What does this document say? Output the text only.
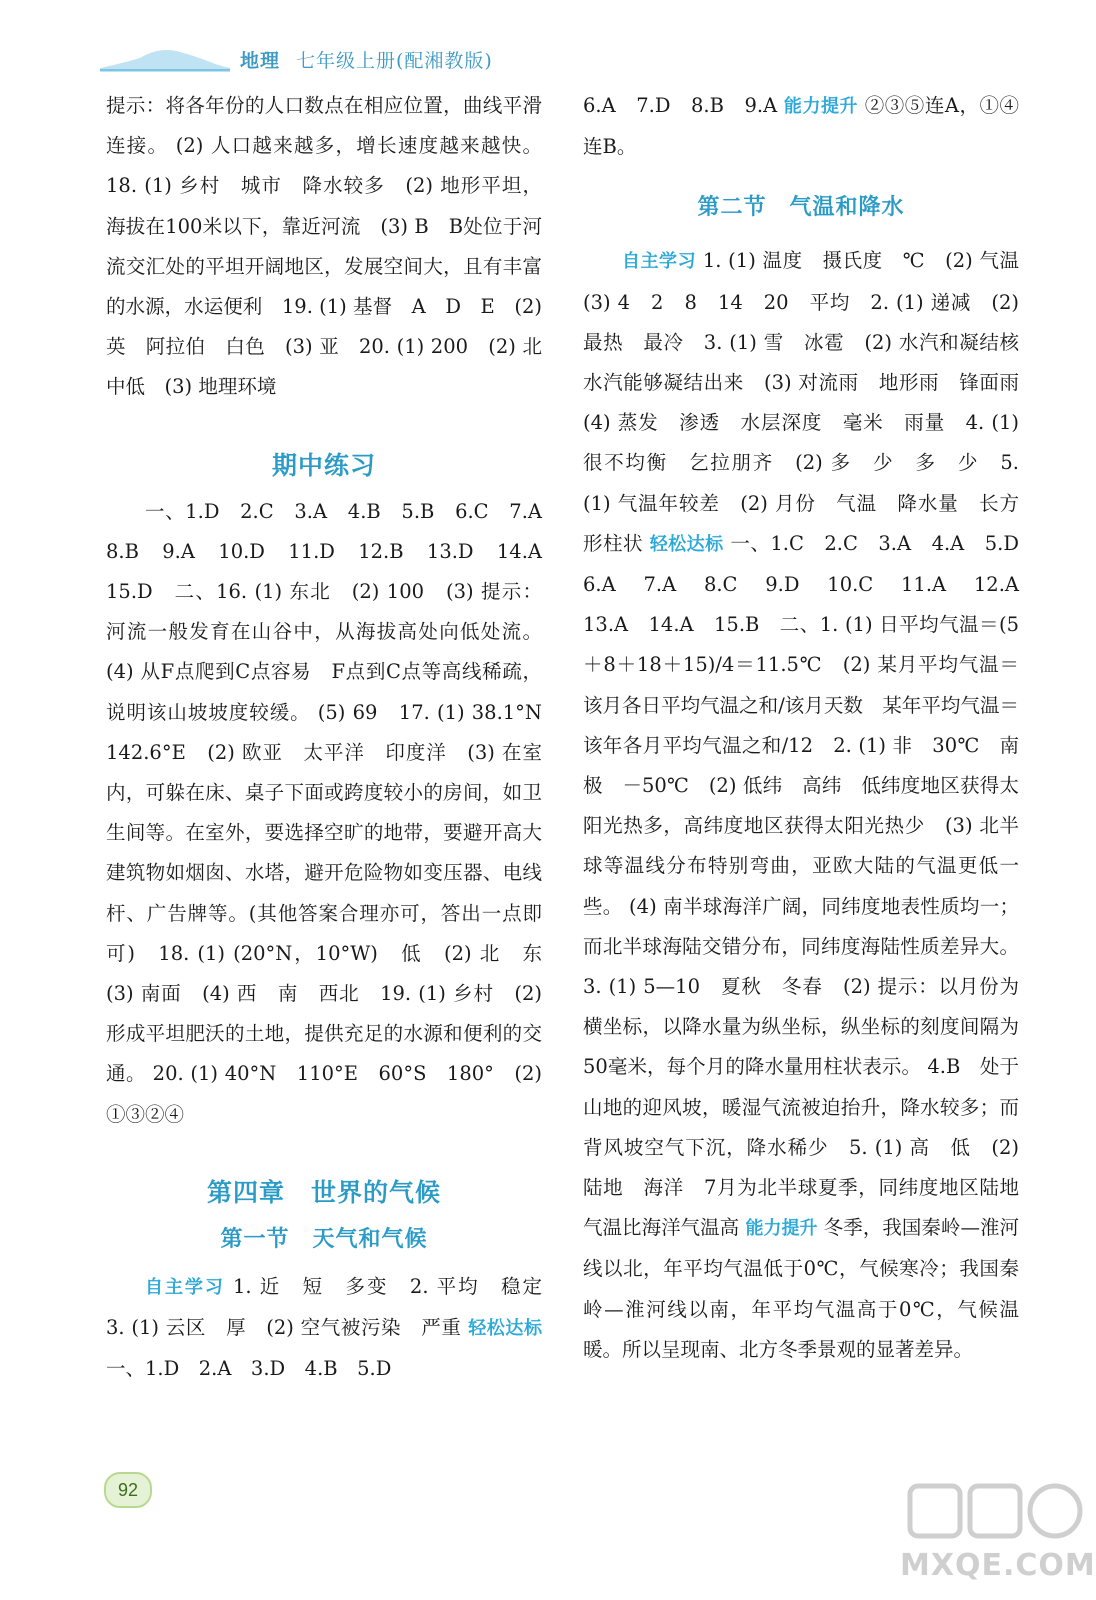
地理 七年级上册(配湘教版)

提示：将各年份的人口数点在相应位置，曲线平滑连接。 (2) 人口越来越多，增长速度越来越快。 18. (1) 乡村　城市　降水较多　(2) 地形平坦，海拔在100米以下，靠近河流　(3) B　B处位于河流交汇处的平坦开阔地区，发展空间大，且有丰富的水源，水运便利　19. (1) 基督　A　D　E　(2) 英　阿拉伯　白色　(3) 亚　20. (1) 200　(2) 北　中低　(3) 地理环境

期中练习

一、1.D　2.C　3.A　4.B　5.B　6.C　7.A　8.B　9.A　10.D　11.D　12.B　13.D　14.A　15.D　二、16. (1) 东北　(2) 100　(3) 提示：河流一般发育在山谷中，从海拔高处向低处流。 (4) 从F点爬到C点容易　F点到C点等高线稀疏，说明该山坡坡度较缓。 (5) 69　17. (1) 38.1°N　142.6°E　(2) 欧亚　太平洋　印度洋　(3) 在室内，可躲在床、桌子下面或跨度较小的房间，如卫生间等。在室外，要选择空旷的地带，要避开高大建筑物如烟囱、水塔，避开危险物如变压器、电线杆、广告牌等。(其他答案合理亦可，答出一点即可)　18. (1) (20°N，10°W)　低　(2) 北　东　(3) 南面　(4) 西　南　西北　19. (1) 乡村　(2) 形成平坦肥沃的土地，提供充足的水源和便利的交通。 20. (1) 40°N　110°E　60°S　180°　(2) ①③②④

第四章　世界的气候
第一节　天气和气候

自主学习 1. 近　短　多变　2. 平均　稳定　3. (1) 云区　厚　(2) 空气被污染　严重 轻松达标 一、1.D　2.A　3.D　4.B　5.D

6.A　7.D　8.B　9.A 能力提升 ②③⑤连A，①④连B。

第二节　气温和降水

自主学习 1. (1) 温度　摄氏度　℃　(2) 气温　(3) 4　2　8　14　20　平均　2. (1) 递减　(2) 最热　最冷　3. (1) 雪　冰雹　(2) 水汽和凝结核　水汽能够凝结出来　(3) 对流雨　地形雨　锋面雨　(4) 蒸发　渗透　水层深度　毫米　雨量　4. (1) 很不均衡　乞拉朋齐　(2) 多　少　多　少　5. (1) 气温年较差　(2) 月份　气温　降水量　长方形柱状 轻松达标 一、1.C　2.C　3.A　4.A　5.D　6.A　7.A　8.C　9.D　10.C　11.A　12.A　13.A　14.A　15.B　二、1. (1) 日平均气温＝(5＋8＋18＋15)/4＝11.5℃　(2) 某月平均气温＝该月各日平均气温之和/该月天数　某年平均气温＝该年各月平均气温之和/12　2. (1) 非　30℃　南极　－50℃　(2) 低纬　高纬　低纬度地区获得太阳光热多，高纬度地区获得太阳光热少　(3) 北半球等温线分布特别弯曲，亚欧大陆的气温更低一些。 (4) 南半球海洋广阔，同纬度地表性质均一；而北半球海陆交错分布，同纬度海陆性质差异大。 3. (1) 5—10　夏秋　冬春　(2) 提示：以月份为横坐标，以降水量为纵坐标，纵坐标的刻度间隔为50毫米，每个月的降水量用柱状表示。 4.B　处于山地的迎风坡，暖湿气流被迫抬升，降水较多；而背风坡空气下沉，降水稀少　5. (1) 高　低　(2) 陆地　海洋　7月为北半球夏季，同纬度地区陆地气温比海洋气温高 能力提升 冬季，我国秦岭—淮河线以北，年平均气温低于0℃，气候寒冷；我国秦岭—淮河线以南，年平均气温高于0℃，气候温暖。所以呈现南、北方冬季景观的显著差异。

92
MXQE.COM
